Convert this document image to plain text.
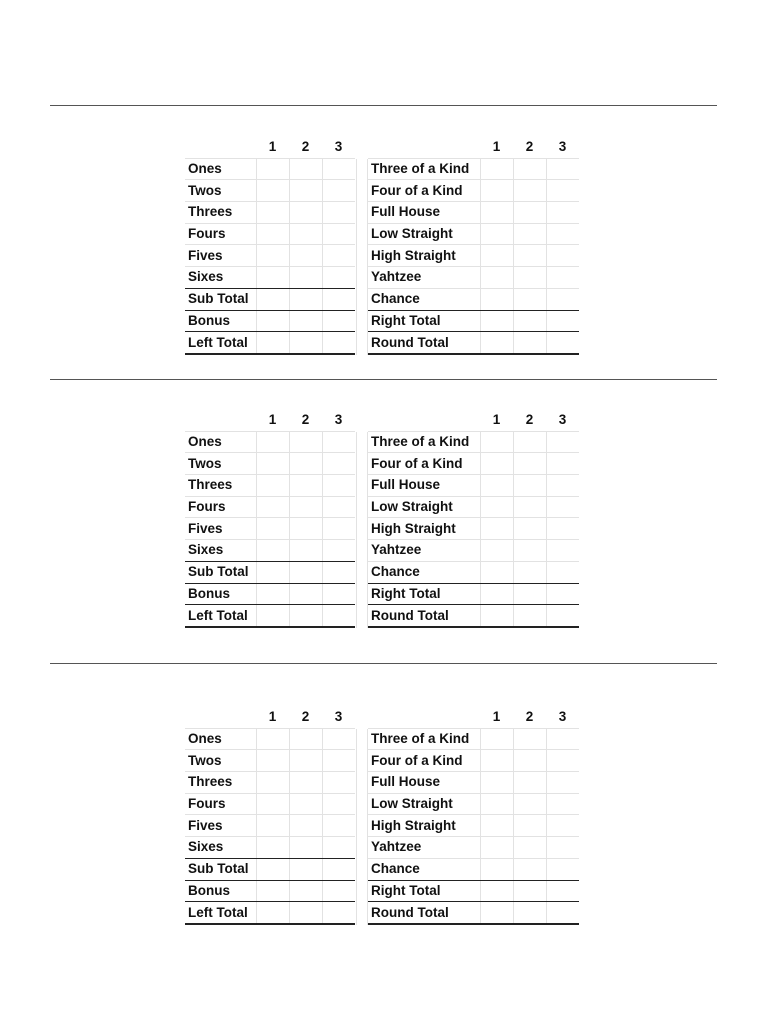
	1	2	3
Ones			
Twos			
Threes			
Fours			
Fives			
Sixes			
Sub Total			
Bonus			
Left Total			
	1	2	3
Three of a Kind			
Four of a Kind			
Full House			
Low Straight			
High Straight			
Yahtzee			
Chance			
Right Total			
Round Total			
	1	2	3
Ones			
Twos			
Threes			
Fours			
Fives			
Sixes			
Sub Total			
Bonus			
Left Total			
	1	2	3
Three of a Kind			
Four of a Kind			
Full House			
Low Straight			
High Straight			
Yahtzee			
Chance			
Right Total			
Round Total			
	1	2	3
Ones			
Twos			
Threes			
Fours			
Fives			
Sixes			
Sub Total			
Bonus			
Left Total			
	1	2	3
Three of a Kind			
Four of a Kind			
Full House			
Low Straight			
High Straight			
Yahtzee			
Chance			
Right Total			
Round Total			
